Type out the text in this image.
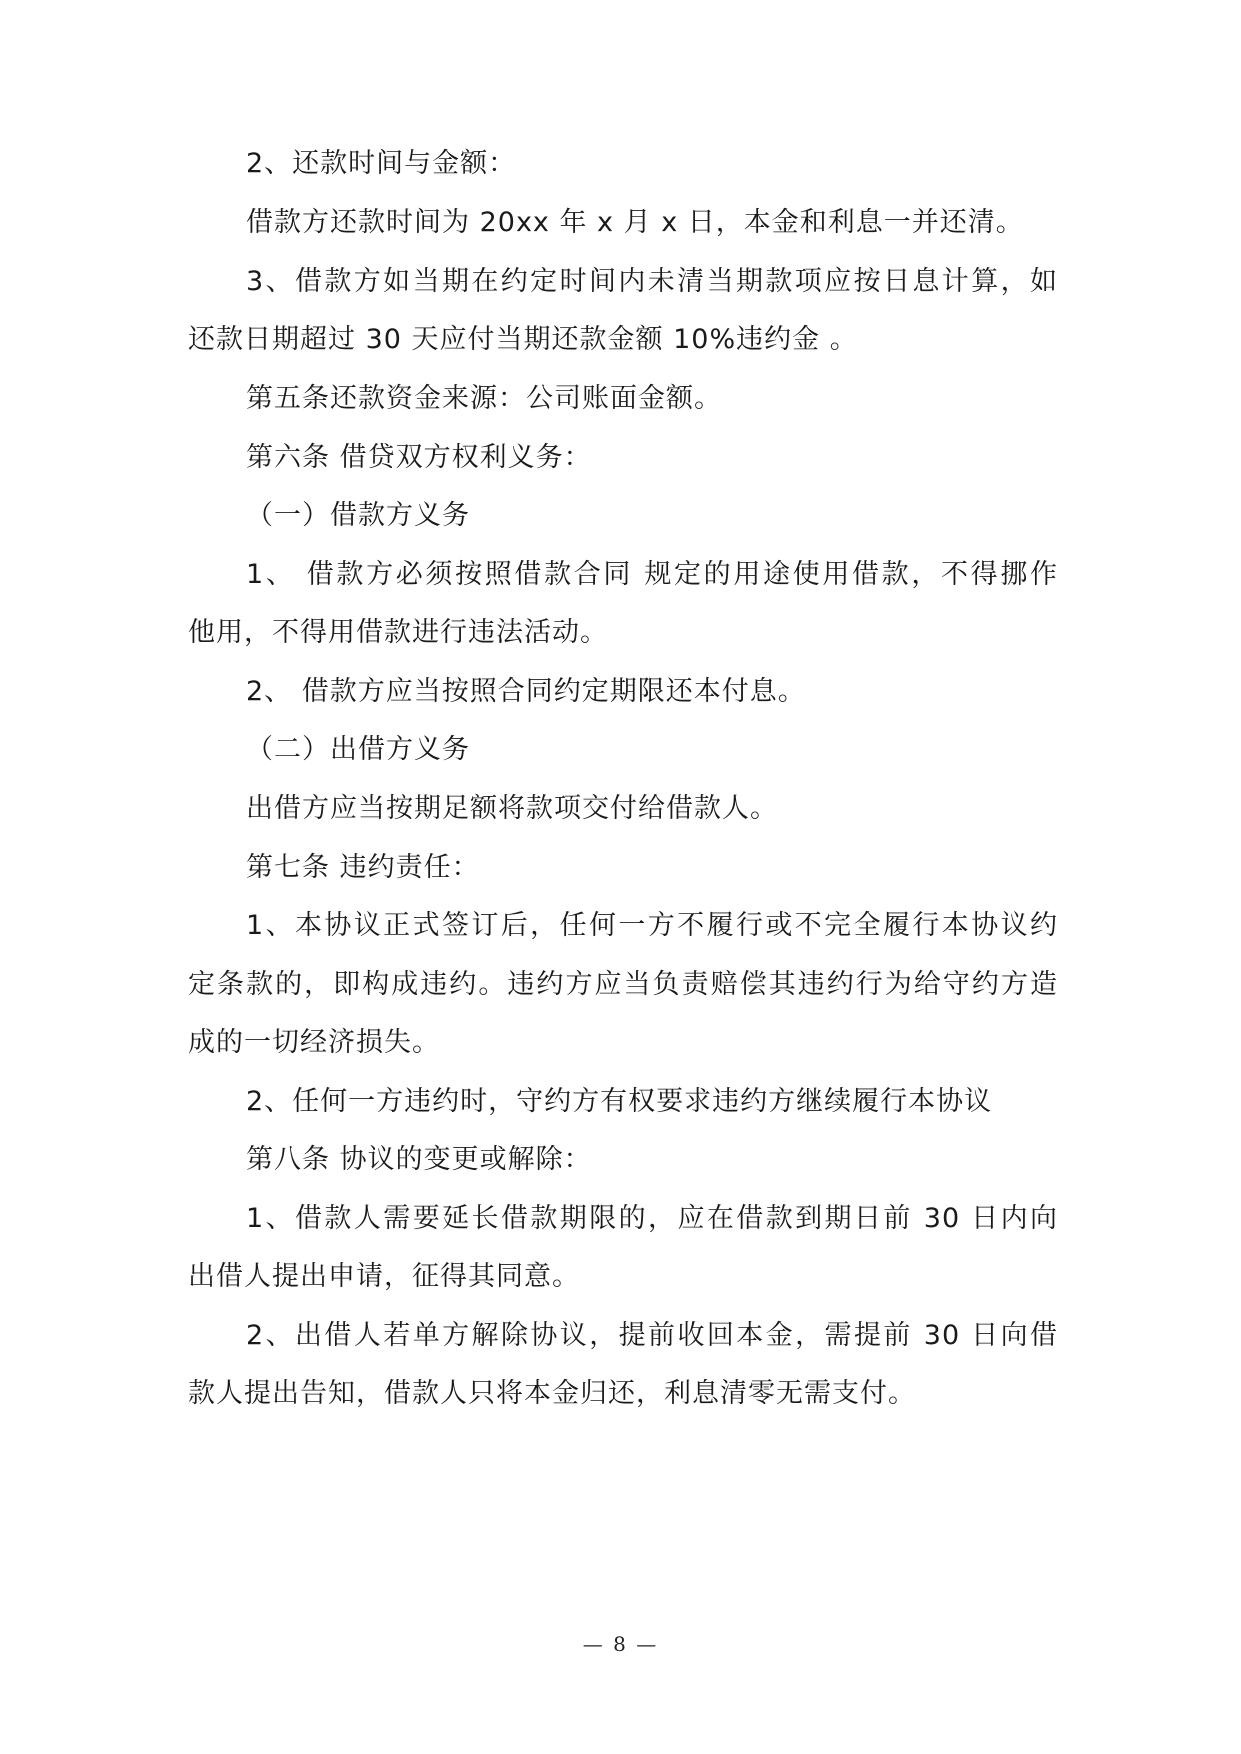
2、还款时间与金额：
借款方还款时间为 20xx 年 x 月 x 日，本金和利息一并还清。
3、借款方如当期在约定时间内未清当期款项应按日息计算，如
还款日期超过 30 天应付当期还款金额 10%违约金 。
第五条还款资金来源：公司账面金额。
第六条 借贷双方权利义务：
（一）借款方义务
1、 借款方必须按照借款合同 规定的用途使用借款，不得挪作
他用，不得用借款进行违法活动。
2、 借款方应当按照合同约定期限还本付息。
（二）出借方义务
出借方应当按期足额将款项交付给借款人。
第七条 违约责任：
1、本协议正式签订后，任何一方不履行或不完全履行本协议约
定条款的，即构成违约。违约方应当负责赔偿其违约行为给守约方造
成的一切经济损失。
2、任何一方违约时，守约方有权要求违约方继续履行本协议
第八条 协议的变更或解除：
1、借款人需要延长借款期限的，应在借款到期日前 30 日内向
出借人提出申请，征得其同意。
2、出借人若单方解除协议，提前收回本金，需提前 30 日向借
款人提出告知，借款人只将本金归还，利息清零无需支付。
— 8 —
